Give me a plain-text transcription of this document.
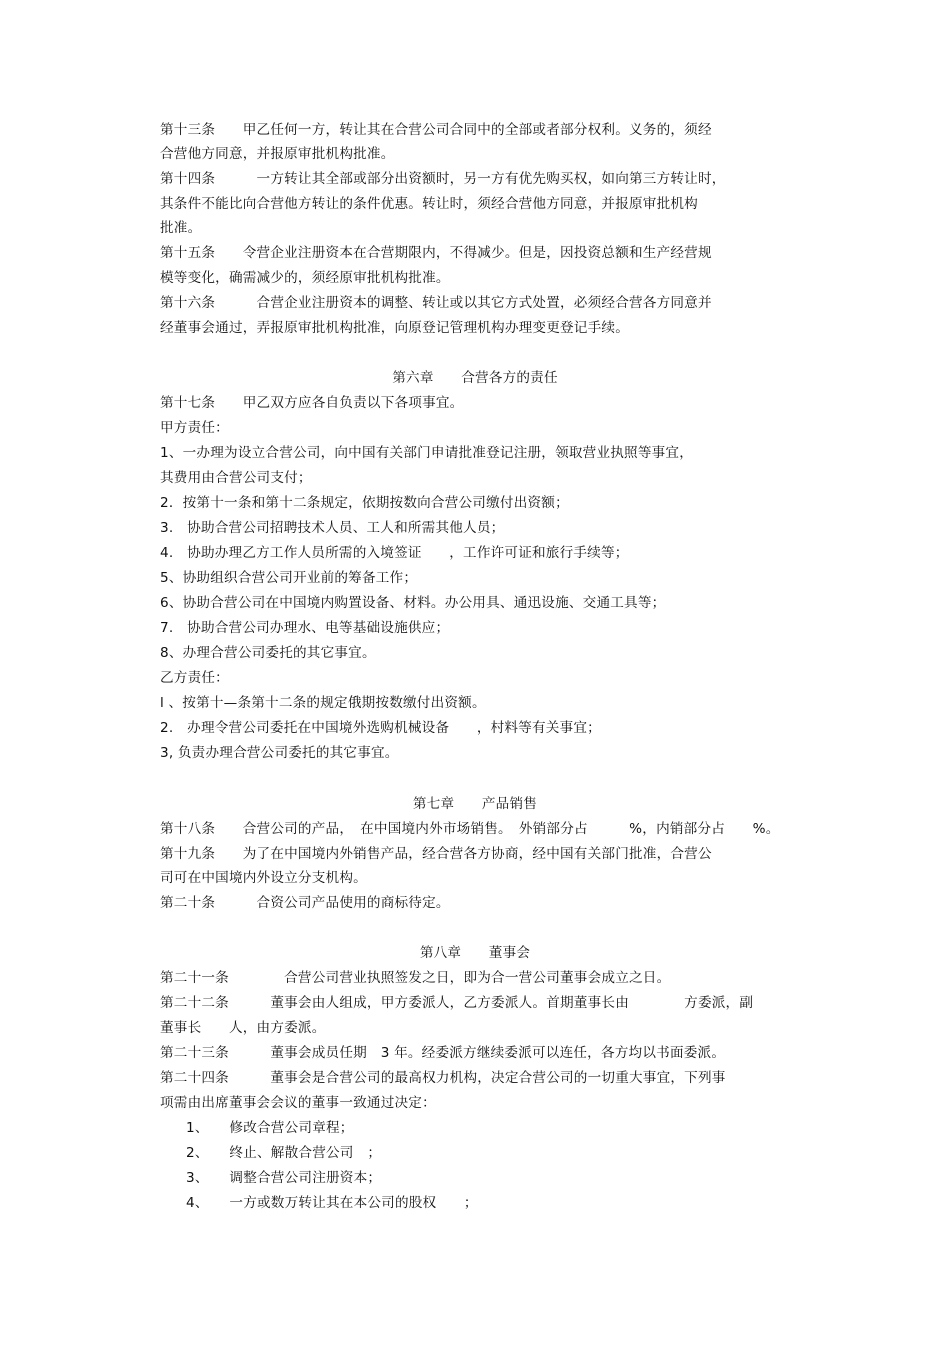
第十三条　　甲乙任何一方，转让其在合营公司合同中的全部或者部分权利。义务的，须经
合营他方同意，并报原审批机构批准。
第十四条　　　一方转让其全部或部分出资额时，另一方有优先购买权，如向第三方转让时，
其条件不能比向合营他方转让的条件优惠。转让时，须经合营他方同意，并报原审批机构
批准。
第十五条　　令营企业注册资本在合营期限内，不得减少。但是，因投资总额和生产经营规
模等变化，确需减少的，须经原审批机构批准。
第十六条　　　合营企业注册资本的调整、转让或以其它方式处置，必须经合营各方同意并
经董事会通过，弄报原审批机构批准，向原登记管理机构办理变更登记手续。
第六章　　合营各方的责任
第十七条　　甲乙双方应各自负责以下各项事宜。
甲方责任：
1、一办理为设立合营公司，向中国有关部门申请批准登记注册，领取营业执照等事宜，
其费用由合营公司支付；
2．按第十一条和第十二条规定，依期按数向合营公司缴付出资额；
3.　协助合营公司招聘技术人员、工人和所需其他人员；
4.　协助办理乙方工作人员所需的入境签证　　，工作许可证和旅行手续等；
5、协助组织合营公司开业前的筹备工作；
6、协助合营公司在中国境内购置设备、材料。办公用具、通迅设施、交通工具等；
7.　协助合营公司办理水、电等基础设施供应；
8、办理合营公司委托的其它事宜。
乙方责任：
l 、按第十—条第十二条的规定俄期按数缴付出资额。
2.　办理令营公司委托在中国境外选购机械设备　　，村料等有关事宜；
3, 负责办理合营公司委托的其它事宜。
第七章　　产品销售
第十八条　　合营公司的产品，　在中国境内外市场销售。　外销部分占　　　%，内销部分占　　%。
第十九条　　为了在中国境内外销售产品，经合营各方协商，经中国有关部门批准，合营公
司可在中国境内外设立分支机构。
第二十条　　　合资公司产品使用的商标待定。
第八章　　董事会
第二十一条　　　　合营公司营业执照签发之日，即为合一营公司董事会成立之日。
第二十二条　　　董事会由人组成，甲方委派人，乙方委派人。首期董事长由　　　　方委派，副
董事长　　人，由方委派。
第二十三条　　　董事会成员任期　3 年。经委派方继续委派可以连任，各方均以书面委派。
第二十四条　　　董事会是合营公司的最高权力机构，决定合营公司的一切重大事宜，下列事
项需由出席董事会会议的董事一致通过决定：
1、　　修改合营公司章程；
2、　　终止、解散合营公司　；
3、　　调整合营公司注册资本；
4、　　一方或数万转让其在本公司的股权　　；
